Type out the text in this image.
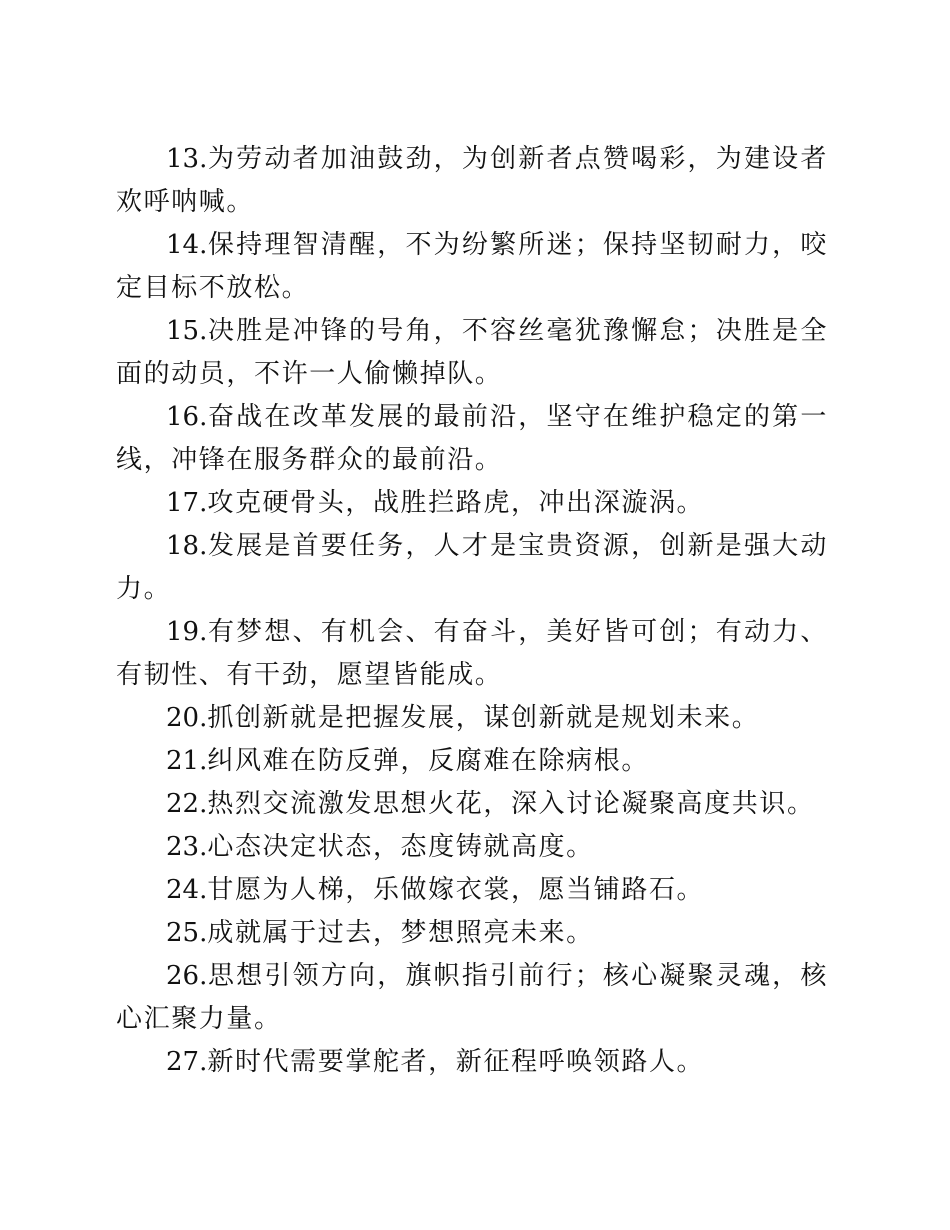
13.为劳动者加油鼓劲，为创新者点赞喝彩，为建设者欢呼呐喊。

14.保持理智清醒，不为纷繁所迷；保持坚韧耐力，咬定目标不放松。

15.决胜是冲锋的号角，不容丝毫犹豫懈怠；决胜是全面的动员，不许一人偷懒掉队。

16.奋战在改革发展的最前沿，坚守在维护稳定的第一线，冲锋在服务群众的最前沿。

17.攻克硬骨头，战胜拦路虎，冲出深漩涡。

18.发展是首要任务，人才是宝贵资源，创新是强大动力。

19.有梦想、有机会、有奋斗，美好皆可创；有动力、有韧性、有干劲，愿望皆能成。

20.抓创新就是把握发展，谋创新就是规划未来。

21.纠风难在防反弹，反腐难在除病根。

22.热烈交流激发思想火花，深入讨论凝聚高度共识。

23.心态决定状态，态度铸就高度。

24.甘愿为人梯，乐做嫁衣裳，愿当铺路石。

25.成就属于过去，梦想照亮未来。

26.思想引领方向，旗帜指引前行；核心凝聚灵魂，核心汇聚力量。

27.新时代需要掌舵者，新征程呼唤领路人。
